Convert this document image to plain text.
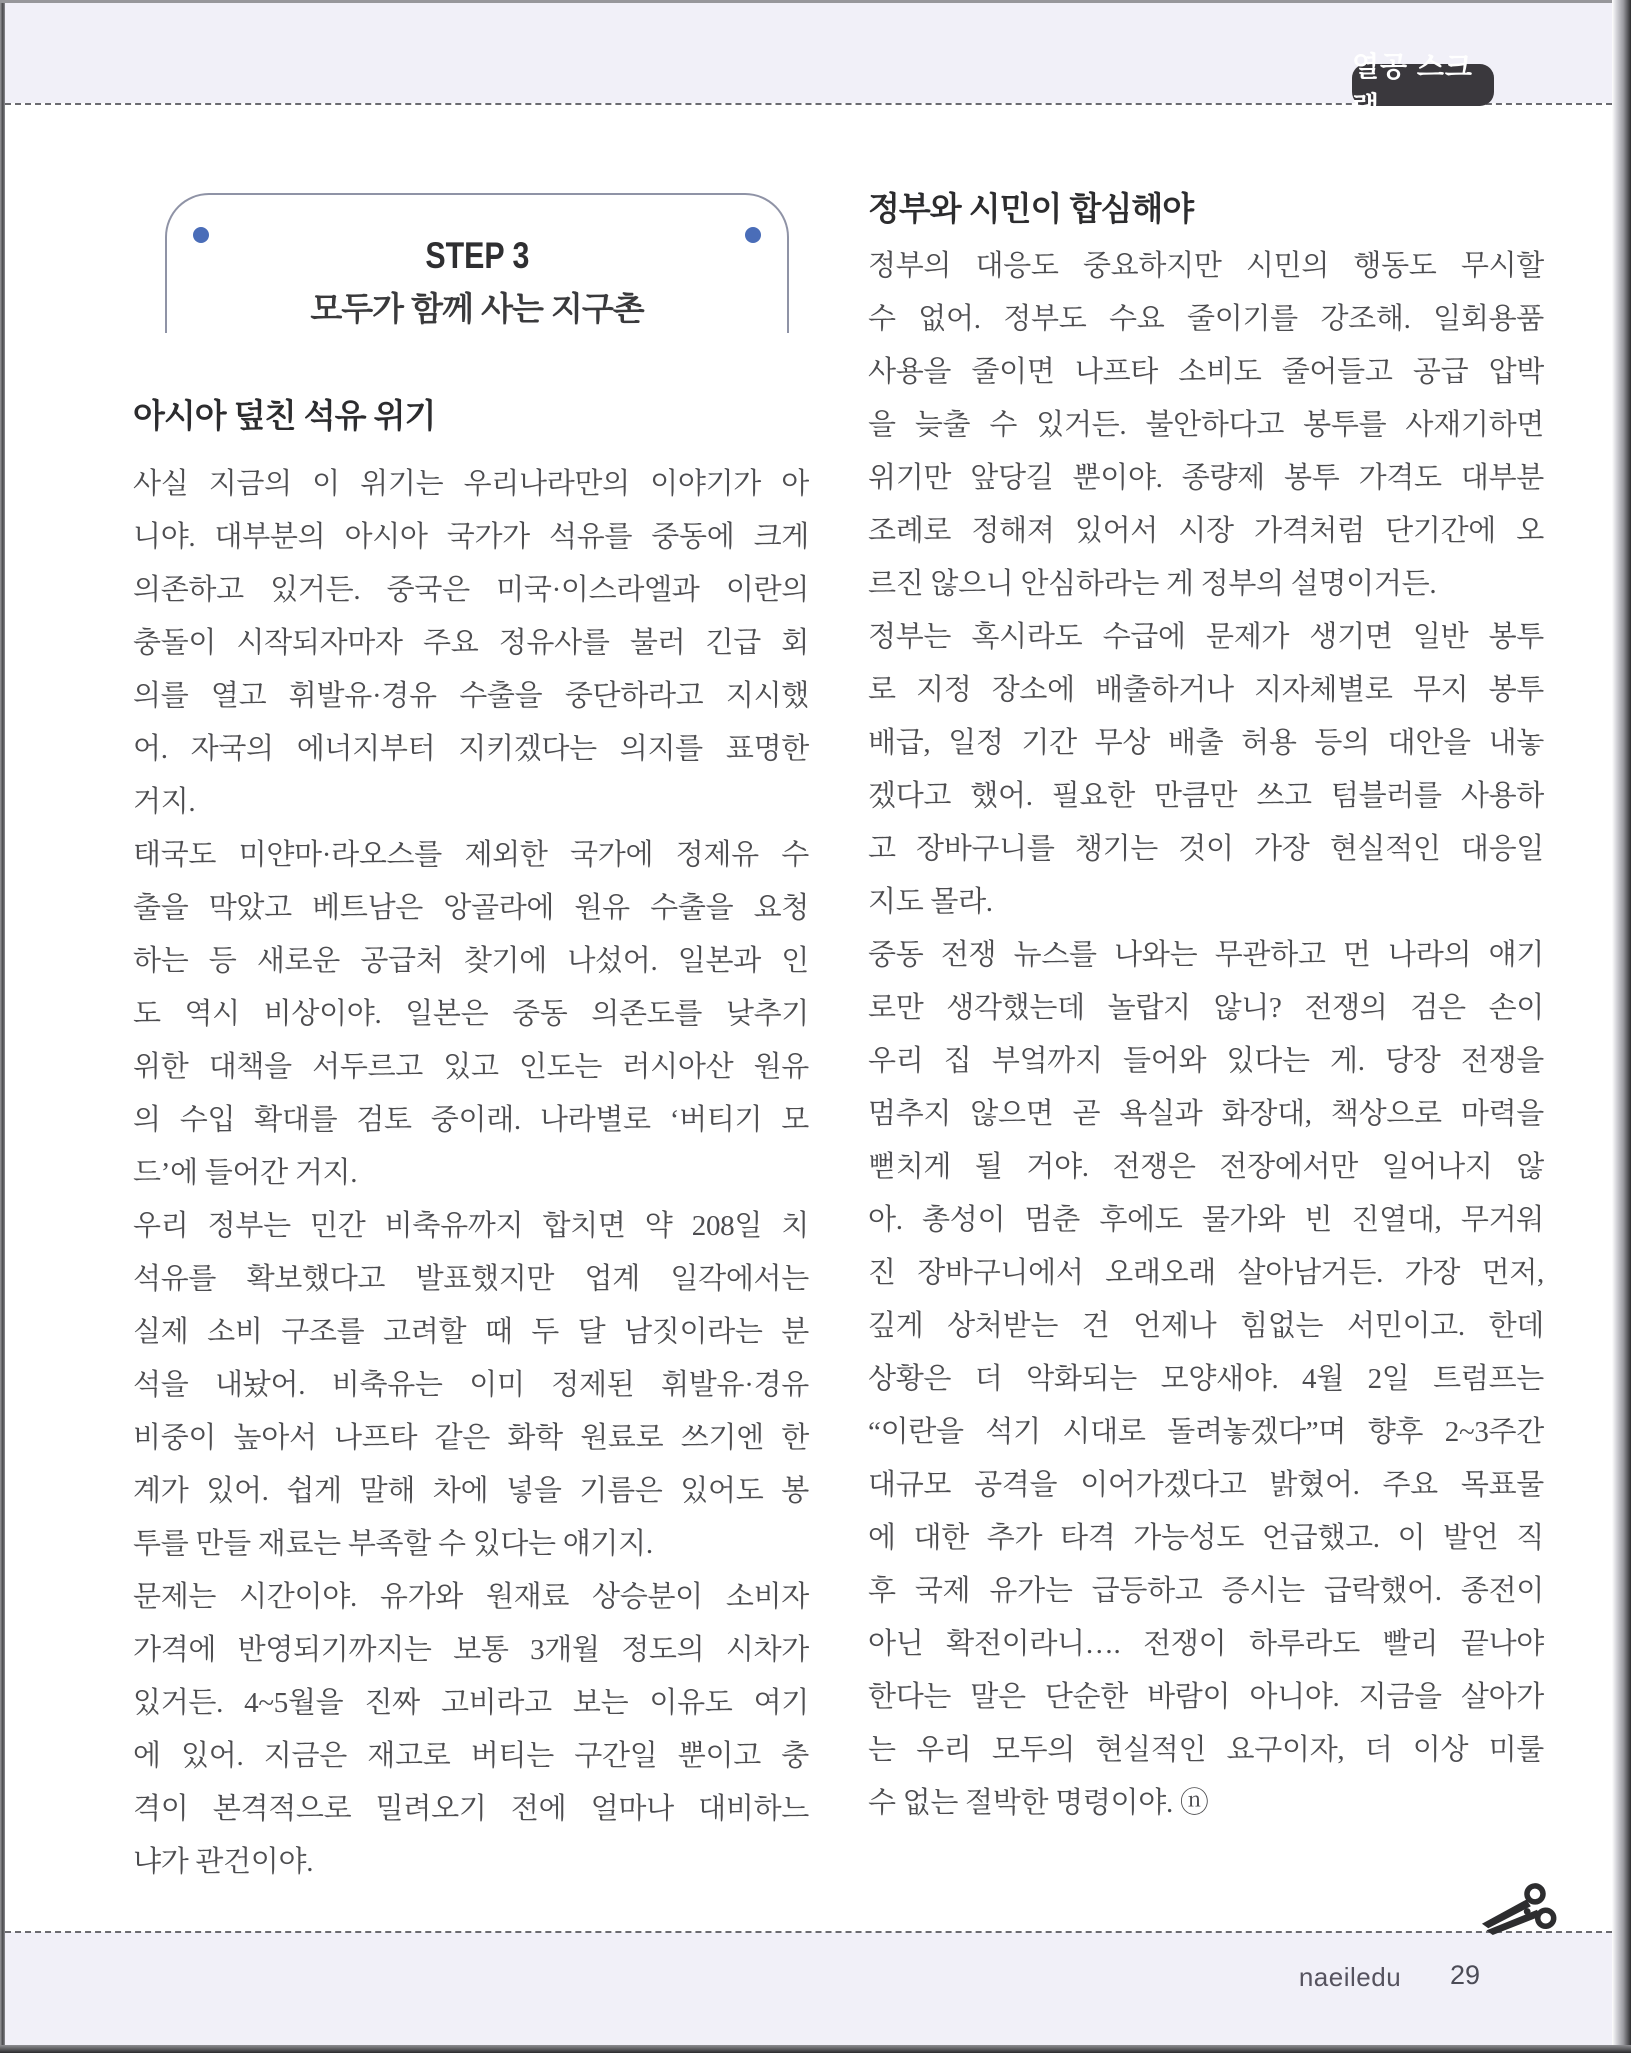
열공 스크랩
STEP 3
모두가 함께 사는 지구촌
아시아 덮친 석유 위기
사실 지금의 이 위기는 우리나라만의 이야기가 아
니야. 대부분의 아시아 국가가 석유를 중동에 크게
의존하고 있거든. 중국은 미국·이스라엘과 이란의
충돌이 시작되자마자 주요 정유사를 불러 긴급 회
의를 열고 휘발유·경유 수출을 중단하라고 지시했
어. 자국의 에너지부터 지키겠다는 의지를 표명한
거지.
태국도 미얀마·라오스를 제외한 국가에 정제유 수
출을 막았고 베트남은 앙골라에 원유 수출을 요청
하는 등 새로운 공급처 찾기에 나섰어. 일본과 인
도 역시 비상이야. 일본은 중동 의존도를 낮추기
위한 대책을 서두르고 있고 인도는 러시아산 원유
의 수입 확대를 검토 중이래. 나라별로 ‘버티기 모
드’에 들어간 거지.
우리 정부는 민간 비축유까지 합치면 약 208일 치
석유를 확보했다고 발표했지만 업계 일각에서는
실제 소비 구조를 고려할 때 두 달 남짓이라는 분
석을 내놨어. 비축유는 이미 정제된 휘발유·경유
비중이 높아서 나프타 같은 화학 원료로 쓰기엔 한
계가 있어. 쉽게 말해 차에 넣을 기름은 있어도 봉
투를 만들 재료는 부족할 수 있다는 얘기지.
문제는 시간이야. 유가와 원재료 상승분이 소비자
가격에 반영되기까지는 보통 3개월 정도의 시차가
있거든. 4~5월을 진짜 고비라고 보는 이유도 여기
에 있어. 지금은 재고로 버티는 구간일 뿐이고 충
격이 본격적으로 밀려오기 전에 얼마나 대비하느
냐가 관건이야.
정부와 시민이 합심해야
정부의 대응도 중요하지만 시민의 행동도 무시할
수 없어. 정부도 수요 줄이기를 강조해. 일회용품
사용을 줄이면 나프타 소비도 줄어들고 공급 압박
을 늦출 수 있거든. 불안하다고 봉투를 사재기하면
위기만 앞당길 뿐이야. 종량제 봉투 가격도 대부분
조례로 정해져 있어서 시장 가격처럼 단기간에 오
르진 않으니 안심하라는 게 정부의 설명이거든.
정부는 혹시라도 수급에 문제가 생기면 일반 봉투
로 지정 장소에 배출하거나 지자체별로 무지 봉투
배급, 일정 기간 무상 배출 허용 등의 대안을 내놓
겠다고 했어. 필요한 만큼만 쓰고 텀블러를 사용하
고 장바구니를 챙기는 것이 가장 현실적인 대응일
지도 몰라.
중동 전쟁 뉴스를 나와는 무관하고 먼 나라의 얘기
로만 생각했는데 놀랍지 않니? 전쟁의 검은 손이
우리 집 부엌까지 들어와 있다는 게. 당장 전쟁을
멈추지 않으면 곧 욕실과 화장대, 책상으로 마력을
뻗치게 될 거야. 전쟁은 전장에서만 일어나지 않
아. 총성이 멈춘 후에도 물가와 빈 진열대, 무거워
진 장바구니에서 오래오래 살아남거든. 가장 먼저,
깊게 상처받는 건 언제나 힘없는 서민이고. 한데
상황은 더 악화되는 모양새야. 4월 2일 트럼프는
“이란을 석기 시대로 돌려놓겠다”며 향후 2~3주간
대규모 공격을 이어가겠다고 밝혔어. 주요 목표물
에 대한 추가 타격 가능성도 언급했고. 이 발언 직
후 국제 유가는 급등하고 증시는 급락했어. 종전이
아닌 확전이라니…. 전쟁이 하루라도 빨리 끝나야
한다는 말은 단순한 바람이 아니야. 지금을 살아가
는 우리 모두의 현실적인 요구이자, 더 이상 미룰
수 없는 절박한 명령이야. ⓝ
naeiledu	29
